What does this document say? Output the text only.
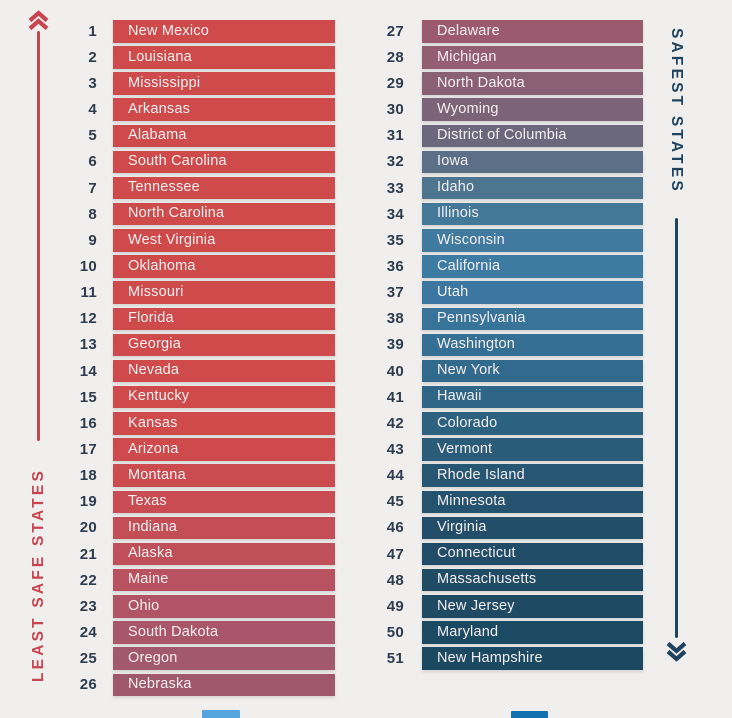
LEAST SAFE STATES
SAFEST STATES
1 New Mexico
2 Louisiana
3 Mississippi
4 Arkansas
5 Alabama
6 South Carolina
7 Tennessee
8 North Carolina
9 West Virginia
10 Oklahoma
11 Missouri
12 Florida
13 Georgia
14 Nevada
15 Kentucky
16 Kansas
17 Arizona
18 Montana
19 Texas
20 Indiana
21 Alaska
22 Maine
23 Ohio
24 South Dakota
25 Oregon
26 Nebraska
27 Delaware
28 Michigan
29 North Dakota
30 Wyoming
31 District of Columbia
32 Iowa
33 Idaho
34 Illinois
35 Wisconsin
36 California
37 Utah
38 Pennsylvania
39 Washington
40 New York
41 Hawaii
42 Colorado
43 Vermont
44 Rhode Island
45 Minnesota
46 Virginia
47 Connecticut
48 Massachusetts
49 New Jersey
50 Maryland
51 New Hampshire
